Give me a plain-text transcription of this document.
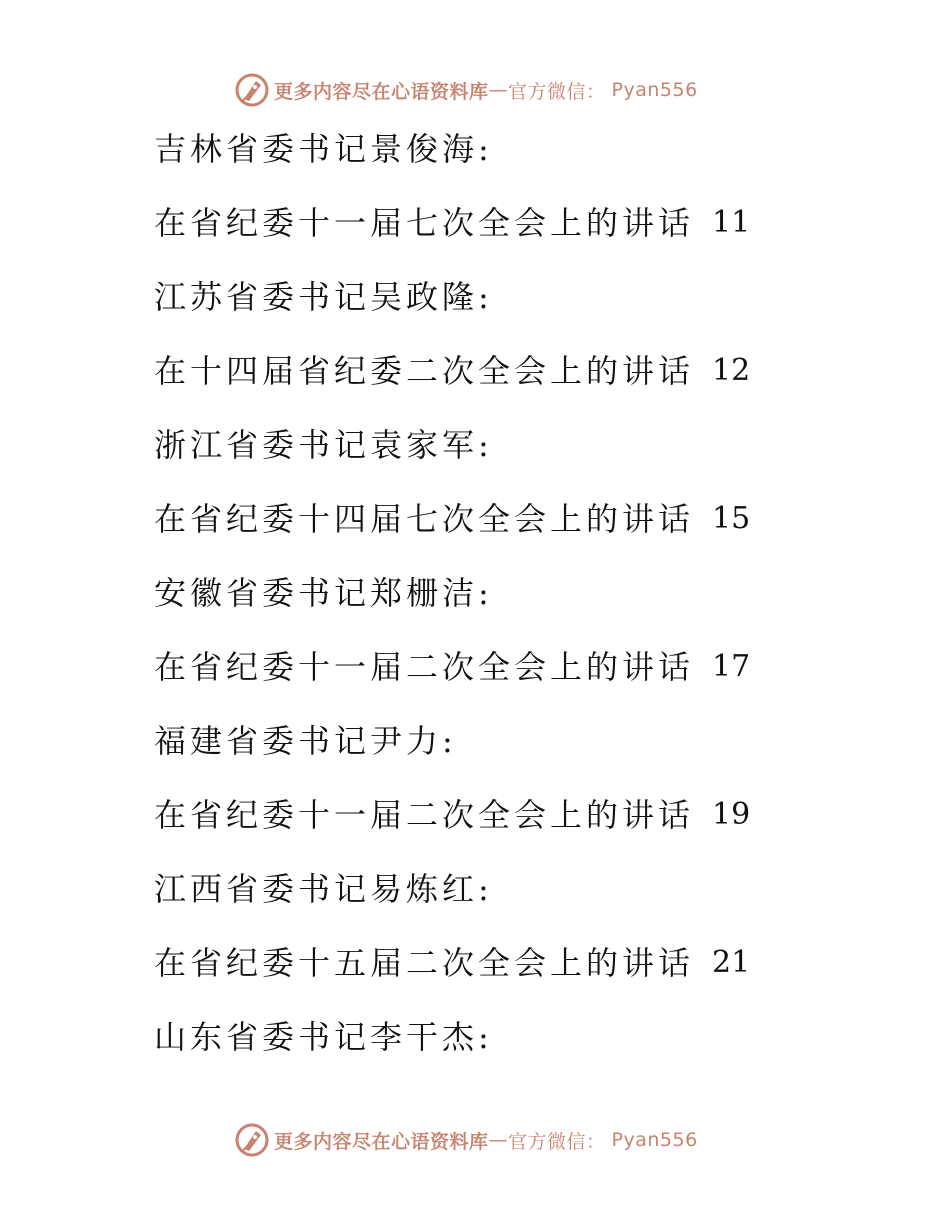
更多内容尽在心语资料库 — 官方微信 ： Pyan556
吉林省委书记景俊海:
在省纪委十一届七次全会上的讲话 11
江苏省委书记吴政隆:
在十四届省纪委二次全会上的讲话 12
浙江省委书记袁家军:
在省纪委十四届七次全会上的讲话 15
安徽省委书记郑栅洁:
在省纪委十一届二次全会上的讲话 17
福建省委书记尹力:
在省纪委十一届二次全会上的讲话 19
江西省委书记易炼红:
在省纪委十五届二次全会上的讲话 21
山东省委书记李干杰:
更多内容尽在心语资料库 — 官方微信 ： Pyan556
